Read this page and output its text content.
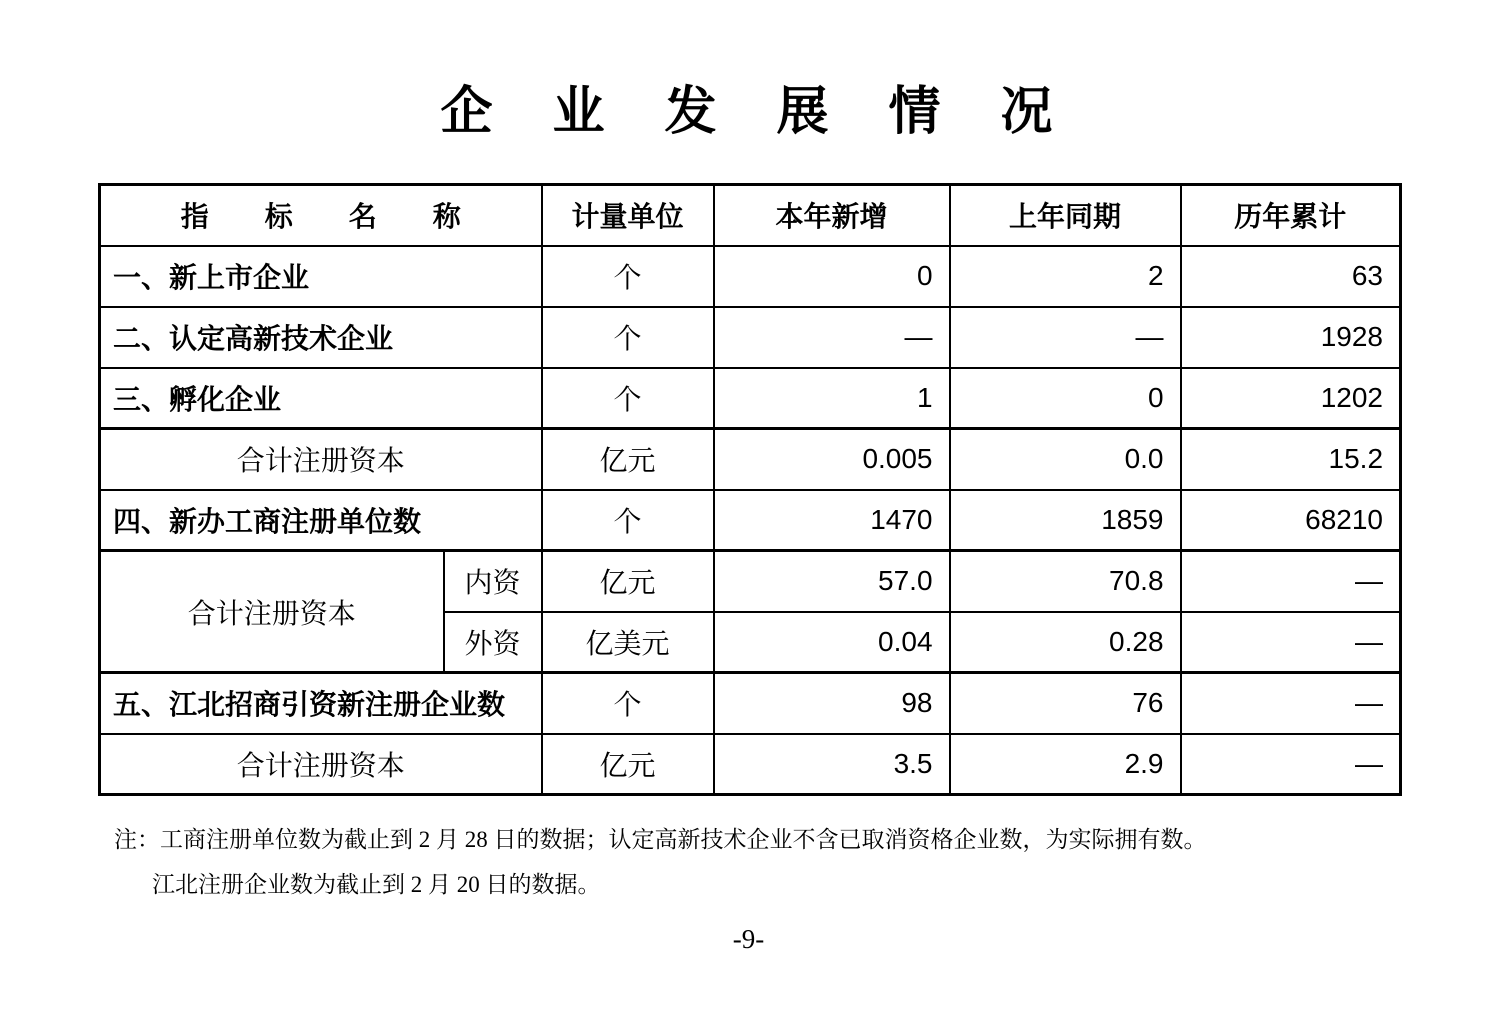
企　业　发　展　情　况
指　　标　　名　　称		计量单位	本年新增	上年同期	历年累计
一、新上市企业		个	0	2	63
二、认定高新技术企业		个	—	—	1928
三、孵化企业		个	1	0	1202
合计注册资本		亿元	0.005	0.0	15.2
四、新办工商注册单位数		个	1470	1859	68210
合计注册资本	内资	亿元	57.0	70.8	—
	外资	亿美元	0.04	0.28	—
五、江北招商引资新注册企业数		个	98	76	—
合计注册资本		亿元	3.5	2.9	—
注：工商注册单位数为截止到 2 月 28 日的数据；认定高新技术企业不含已取消资格企业数，为实际拥有数。
江北注册企业数为截止到 2 月 20 日的数据。
-9-
